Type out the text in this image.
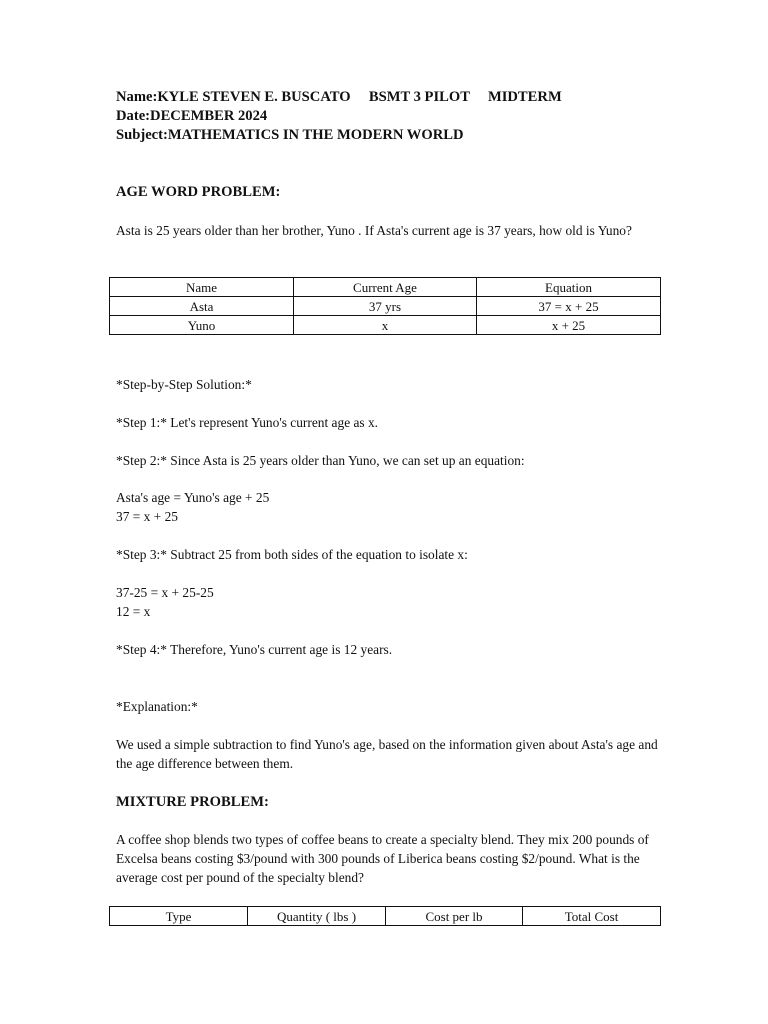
Name:KYLE STEVEN E. BUSCATO     BSMT 3 PILOT     MIDTERM
Date:DECEMBER 2024
Subject:MATHEMATICS IN THE MODERN WORLD
AGE WORD PROBLEM:
Asta is 25 years older than her brother, Yuno . If Asta's current age is 37 years, how old is Yuno?
Name	Current Age	Equation
Asta	37 yrs	37 = x + 25
Yuno	x	x + 25
*Step-by-Step Solution:*
*Step 1:* Let's represent Yuno's current age as x.
*Step 2:* Since Asta is 25 years older than Yuno, we can set up an equation:
Asta's age = Yuno's age + 25
37 = x + 25
*Step 3:* Subtract 25 from both sides of the equation to isolate x:
37-25 = x + 25-25
12 = x
*Step 4:* Therefore, Yuno's current age is 12 years.
*Explanation:*
We used a simple subtraction to find Yuno's age, based on the information given about Asta's age and the age difference between them.
MIXTURE PROBLEM:
A coffee shop blends two types of coffee beans to create a specialty blend. They mix 200 pounds of Excelsa beans costing $3/pound with 300 pounds of Liberica beans costing $2/pound. What is the average cost per pound of the specialty blend?
Type	Quantity ( lbs )	Cost per lb	Total Cost
